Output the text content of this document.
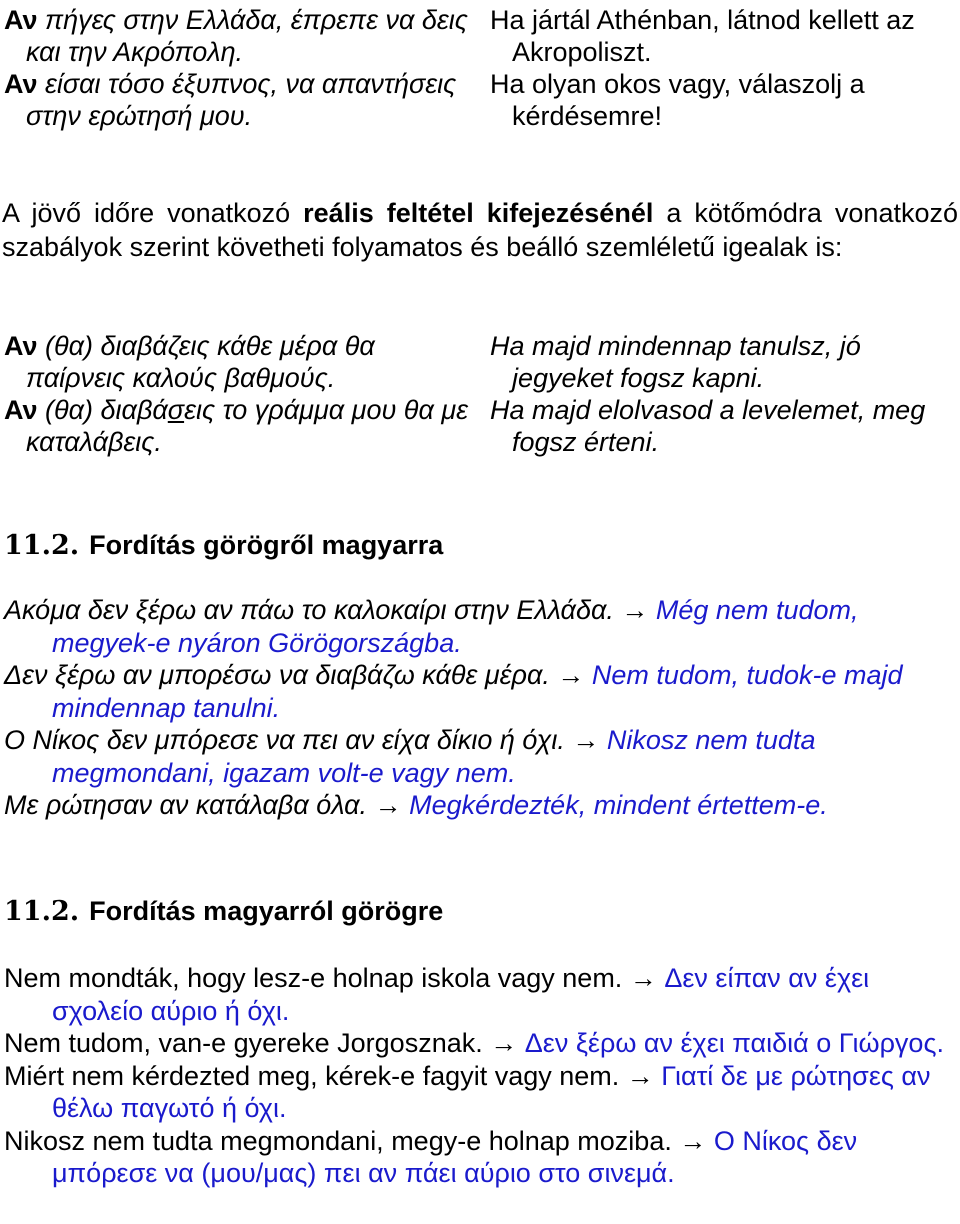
Αν πήγες στην Ελλάδα, έπρεπε να δεις και την Ακρόπολη.

Αν είσαι τόσο έξυπνος, να απαντήσεις στην ερώτησή μου.

Ha jártál Athénban, látnod kellett az Akropoliszt.

Ha olyan okos vagy, válaszolj a kérdésemre!

A jövő időre vonatkozó reális feltétel kifejezésénél a kötőmódra vonatkozó szabályok szerint követheti folyamatos és beálló szemléletű igealak is:

Αν (θα) διαβάζεις κάθε μέρα θα παίρνεις καλούς βαθμούς.

Αν (θα) διαβάσεις το γράμμα μου θα με καταλάβεις.

Ha majd mindennap tanulsz, jó jegyeket fogsz kapni.

Ha majd elolvasod a levelemet, meg fogsz érteni.

11.2. Fordítás görögről magyarra

Ακόμα δεν ξέρω αν πάω το καλοκαίρι στην Ελλάδα. → Még nem tudom, megyek-e nyáron Görögországba.

Δεν ξέρω αν μπορέσω να διαβάζω κάθε μέρα. → Nem tudom, tudok-e majd mindennap tanulni.

Ο Νίκος δεν μπόρεσε να πει αν είχα δίκιο ή όχι. → Nikosz nem tudta megmondani, igazam volt-e vagy nem.

Με ρώτησαν αν κατάλαβα όλα. → Megkérdezték, mindent értettem-e.

11.2. Fordítás magyarról görögre

Nem mondták, hogy lesz-e holnap iskola vagy nem. → Δεν είπαν αν έχει σχολείο αύριο ή όχι.

Nem tudom, van-e gyereke Jorgosznak. → Δεν ξέρω αν έχει παιδιά ο Γιώργος.

Miért nem kérdezted meg, kérek-e fagyit vagy nem. → Γιατί δε με ρώτησες αν θέλω παγωτό ή όχι.

Nikosz nem tudta megmondani, megy-e holnap moziba. → Ο Νίκος δεν μπόρεσε να (μου/μας) πει αν πάει αύριο στο σινεμά.
